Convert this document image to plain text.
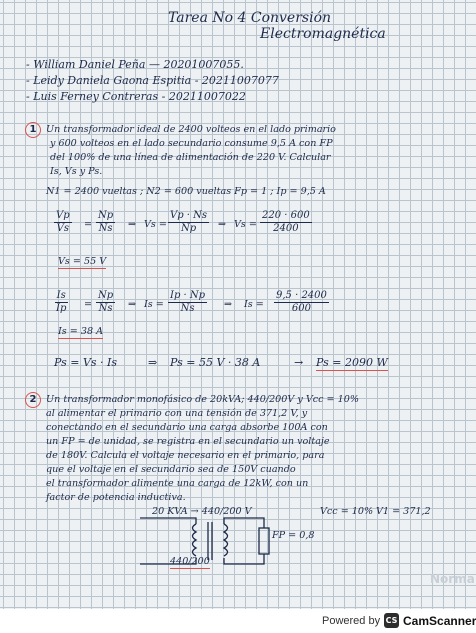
Tarea No 4 Conversión
Electromagnética
- William Daniel Peña — 20201007055.
- Leidy Daniela Gaona Espitia - 20211007077
- Luis Ferney Contreras - 20211007022
1 Un transformador ideal de 2400 volteos en el lado primario
y 600 volteos en el lado secundario consume 9,5 A con FP
del 100% de una línea de alimentación de 220 V. Calcular
Is, Vs y Ps.
N1 = 2400 vueltas ; N2 = 600 vueltas Fp = 1 ; Ip = 9,5 A
$\frac{Vp}{Vs} = \frac{Np}{Ns}$ ⇒ $Vs = \frac{Vp \cdot Ns}{Np}$ ⇒ $Vs = \frac{220 \cdot 600}{2400}$
Vs = 55 V
$\frac{Is}{Ip} = \frac{Np}{Ns}$ ⇒ $Is = \frac{Ip \cdot Np}{Ns}$ ⇒ $Is = \frac{9,5 \cdot 2400}{600}$
Is = 38 A
Ps = Vs · Is	⇒ Ps = 55 V · 38 A	→ Ps = 2090 W
2 Un transformador monofásico de 20kVA; 440/200V y Vcc = 10%
al alimentar el primario con una tensión de 371,2 V, y
conectando en el secundario una carga absorbe 100A con
un FP = de unidad, se registra en el secundario un voltaje
de 180V. Calcula el voltaje necesario en el primario, para
que el voltaje en el secundario sea de 150V cuando
el transformador alimente una carga de 12kW, con un
factor de potencia inductiva.
20 KVA → 440/200 V	Vcc = 10% V1 = 371,2
FP = 0,8
440/200
Norma
Powered by CS CamScanner
